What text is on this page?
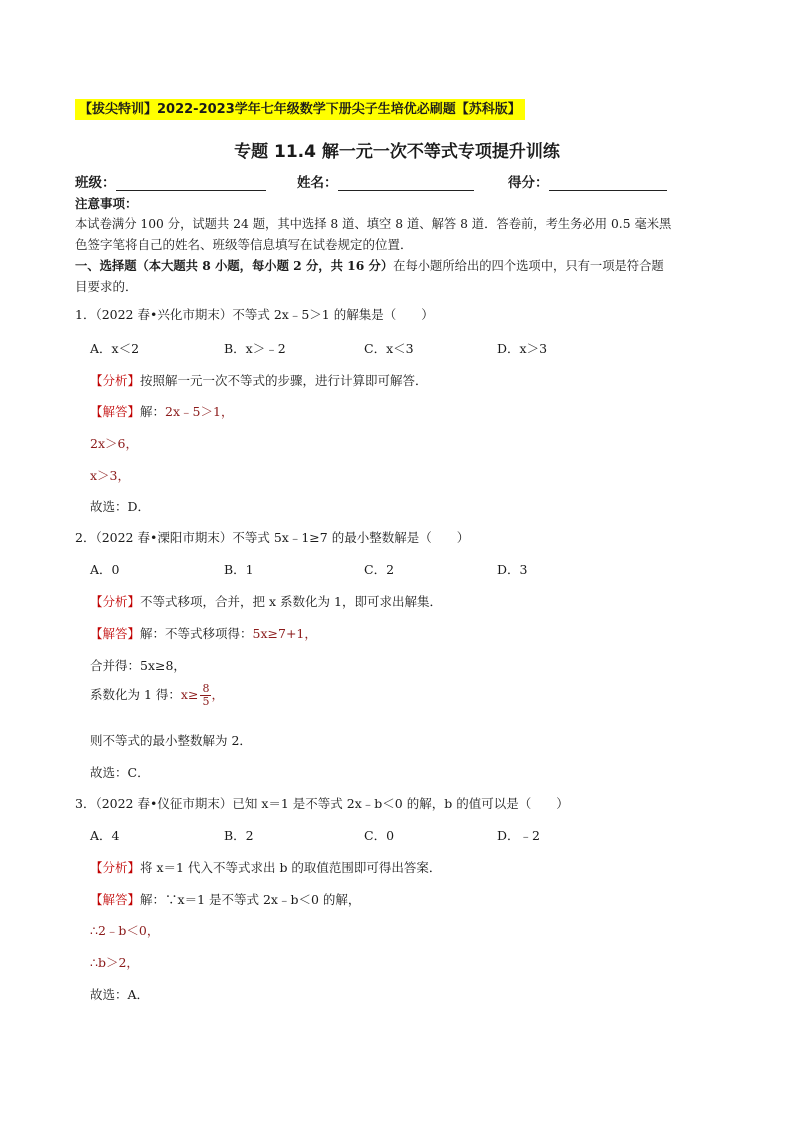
【拔尖特训】2022-2023学年七年级数学下册尖子生培优必刷题【苏科版】
专题 11.4 解一元一次不等式专项提升训练
班级：	姓名：	得分：
注意事项：
本试卷满分 100 分，试题共 24 题，其中选择 8 道、填空 8 道、解答 8 道．答卷前，考生务必用 0.5 毫米黑
色签字笔将自己的姓名、班级等信息填写在试卷规定的位置．
一、选择题（本大题共 8 小题，每小题 2 分，共 16 分）在每小题所给出的四个选项中，只有一项是符合题
目要求的．
1．（2022 春•兴化市期末）不等式 2x﹣5＞1 的解集是（　　）
A．x＜2	B．x＞﹣2	C．x＜3	D．x＞3
【分析】按照解一元一次不等式的步骤，进行计算即可解答．
【解答】解：2x﹣5＞1，
2x＞6，
x＞3，
故选：D．
2．（2022 春•溧阳市期末）不等式 5x﹣1≥7 的最小整数解是（　　）
A．0	B．1	C．2	D．3
【分析】不等式移项，合并，把 x 系数化为 1，即可求出解集．
【解答】解：不等式移项得：5x≥7+1，
合并得：5x≥8，
系数化为 1 得：$x\ge \frac{8}{5}$ ，
则不等式的最小整数解为 2．
故选：C．
3．（2022 春•仪征市期末）已知 x＝1 是不等式 2x﹣b＜0 的解，b 的值可以是（　　）
A．4	B．2	C．0	D．﹣2
【分析】将 x＝1 代入不等式求出 b 的取值范围即可得出答案．
【解答】解：∵x＝1 是不等式 2x﹣b＜0 的解，
∴2﹣b＜0，
∴b＞2，
故选：A．
